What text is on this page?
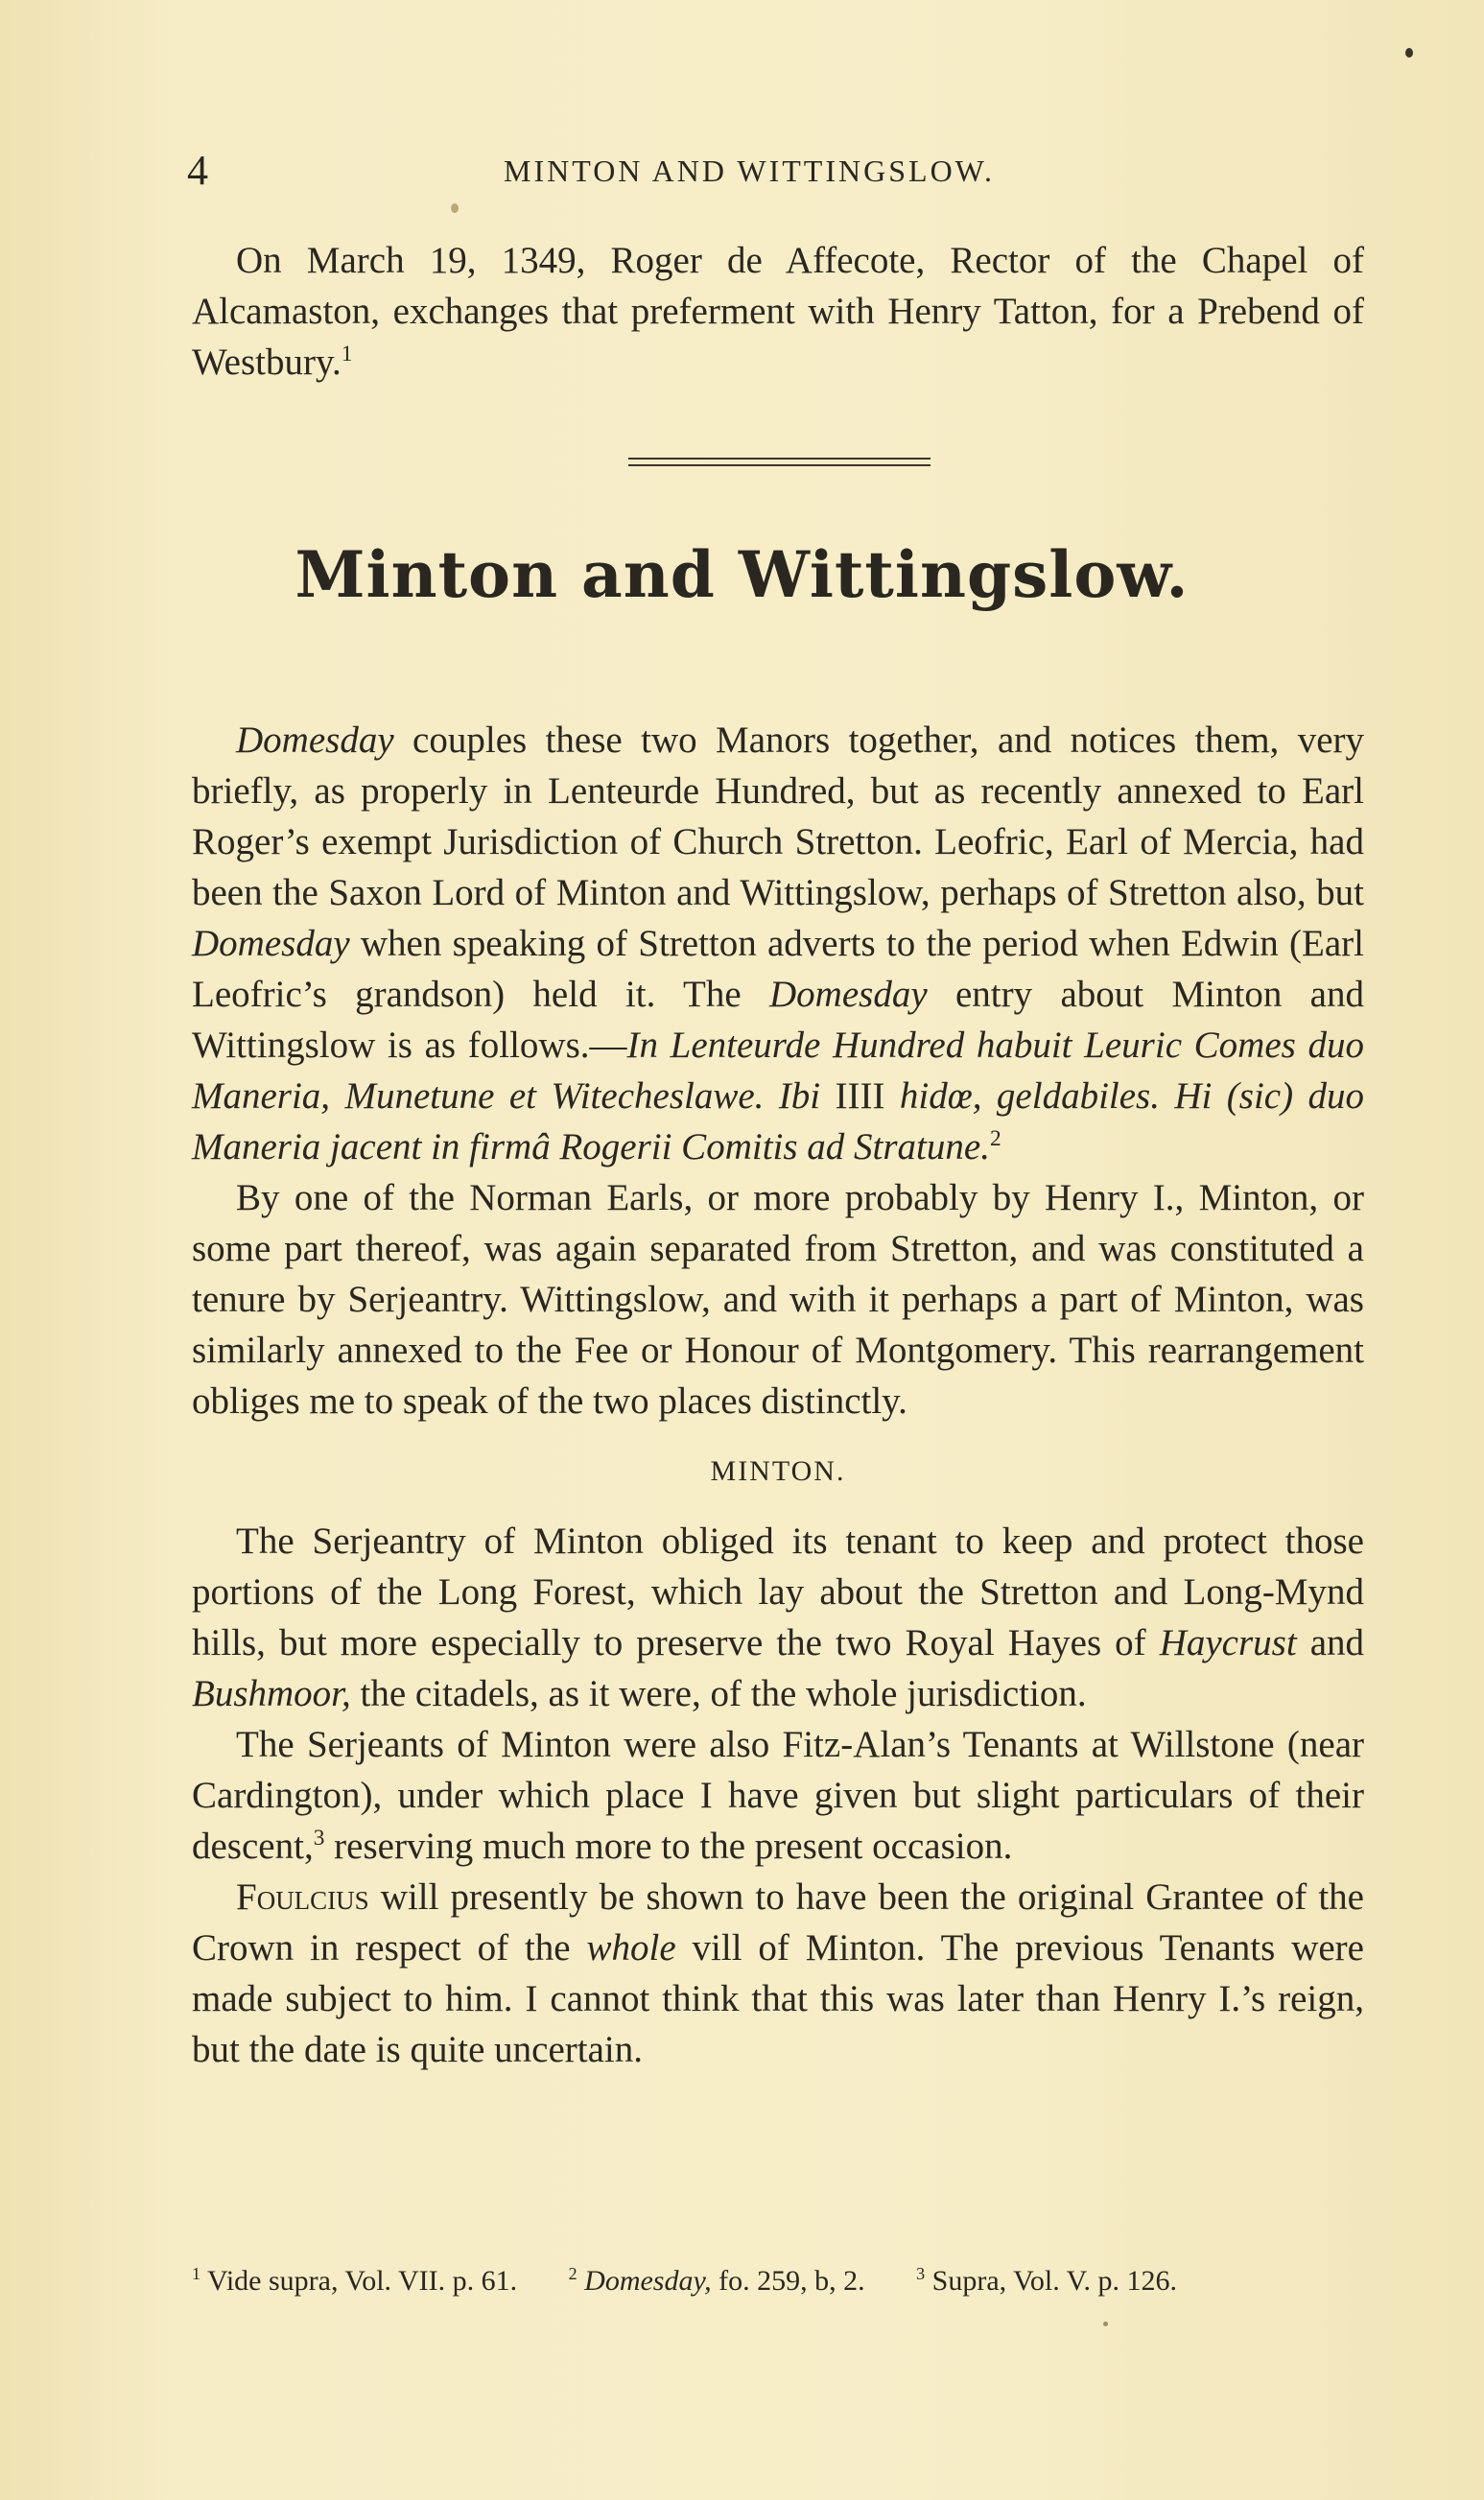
4	MINTON AND WITTINGSLOW.

On March 19, 1349, Roger de Affecote, Rector of the Chapel of Alcamaston, exchanges that preferment with Henry Tatton, for a Prebend of Westbury.$^1$

Minton and Wittingslow.

Domesday couples these two Manors together, and notices them, very briefly, as properly in Lenteurde Hundred, but as recently annexed to Earl Roger’s exempt Jurisdiction of Church Stretton. Leofric, Earl of Mercia, had been the Saxon Lord of Minton and Wittingslow, perhaps of Stretton also, but Domesday when speaking of Stretton adverts to the period when Edwin (Earl Leofric’s grandson) held it. The Domesday entry about Minton and Wittingslow is as follows.—In Lenteurde Hundred habuit Leuric Comes duo Maneria, Munetune et Witecheslawe. Ibi IIII hidœ, geldabiles. Hi (sic) duo Maneria jacent in firmâ Rogerii Comitis ad Stratune.$^2$

By one of the Norman Earls, or more probably by Henry I., Minton, or some part thereof, was again separated from Stretton, and was constituted a tenure by Serjeantry. Wittingslow, and with it perhaps a part of Minton, was similarly annexed to the Fee or Honour of Montgomery. This rearrangement obliges me to speak of the two places distinctly.

MINTON.

The Serjeantry of Minton obliged its tenant to keep and protect those portions of the Long Forest, which lay about the Stretton and Long-Mynd hills, but more especially to preserve the two Royal Hayes of Haycrust and Bushmoor, the citadels, as it were, of the whole jurisdiction.

The Serjeants of Minton were also Fitz-Alan’s Tenants at Willstone (near Cardington), under which place I have given but slight particulars of their descent,$^3$ reserving much more to the present occasion.

Foulcius will presently be shown to have been the original Grantee of the Crown in respect of the whole vill of Minton. The previous Tenants were made subject to him. I cannot think that this was later than Henry I.’s reign, but the date is quite uncertain.

$^1$ Vide supra, Vol. VII. p. 61.	$^2$ Domesday, fo. 259, b, 2.	$^3$ Supra, Vol. V. p. 126.
